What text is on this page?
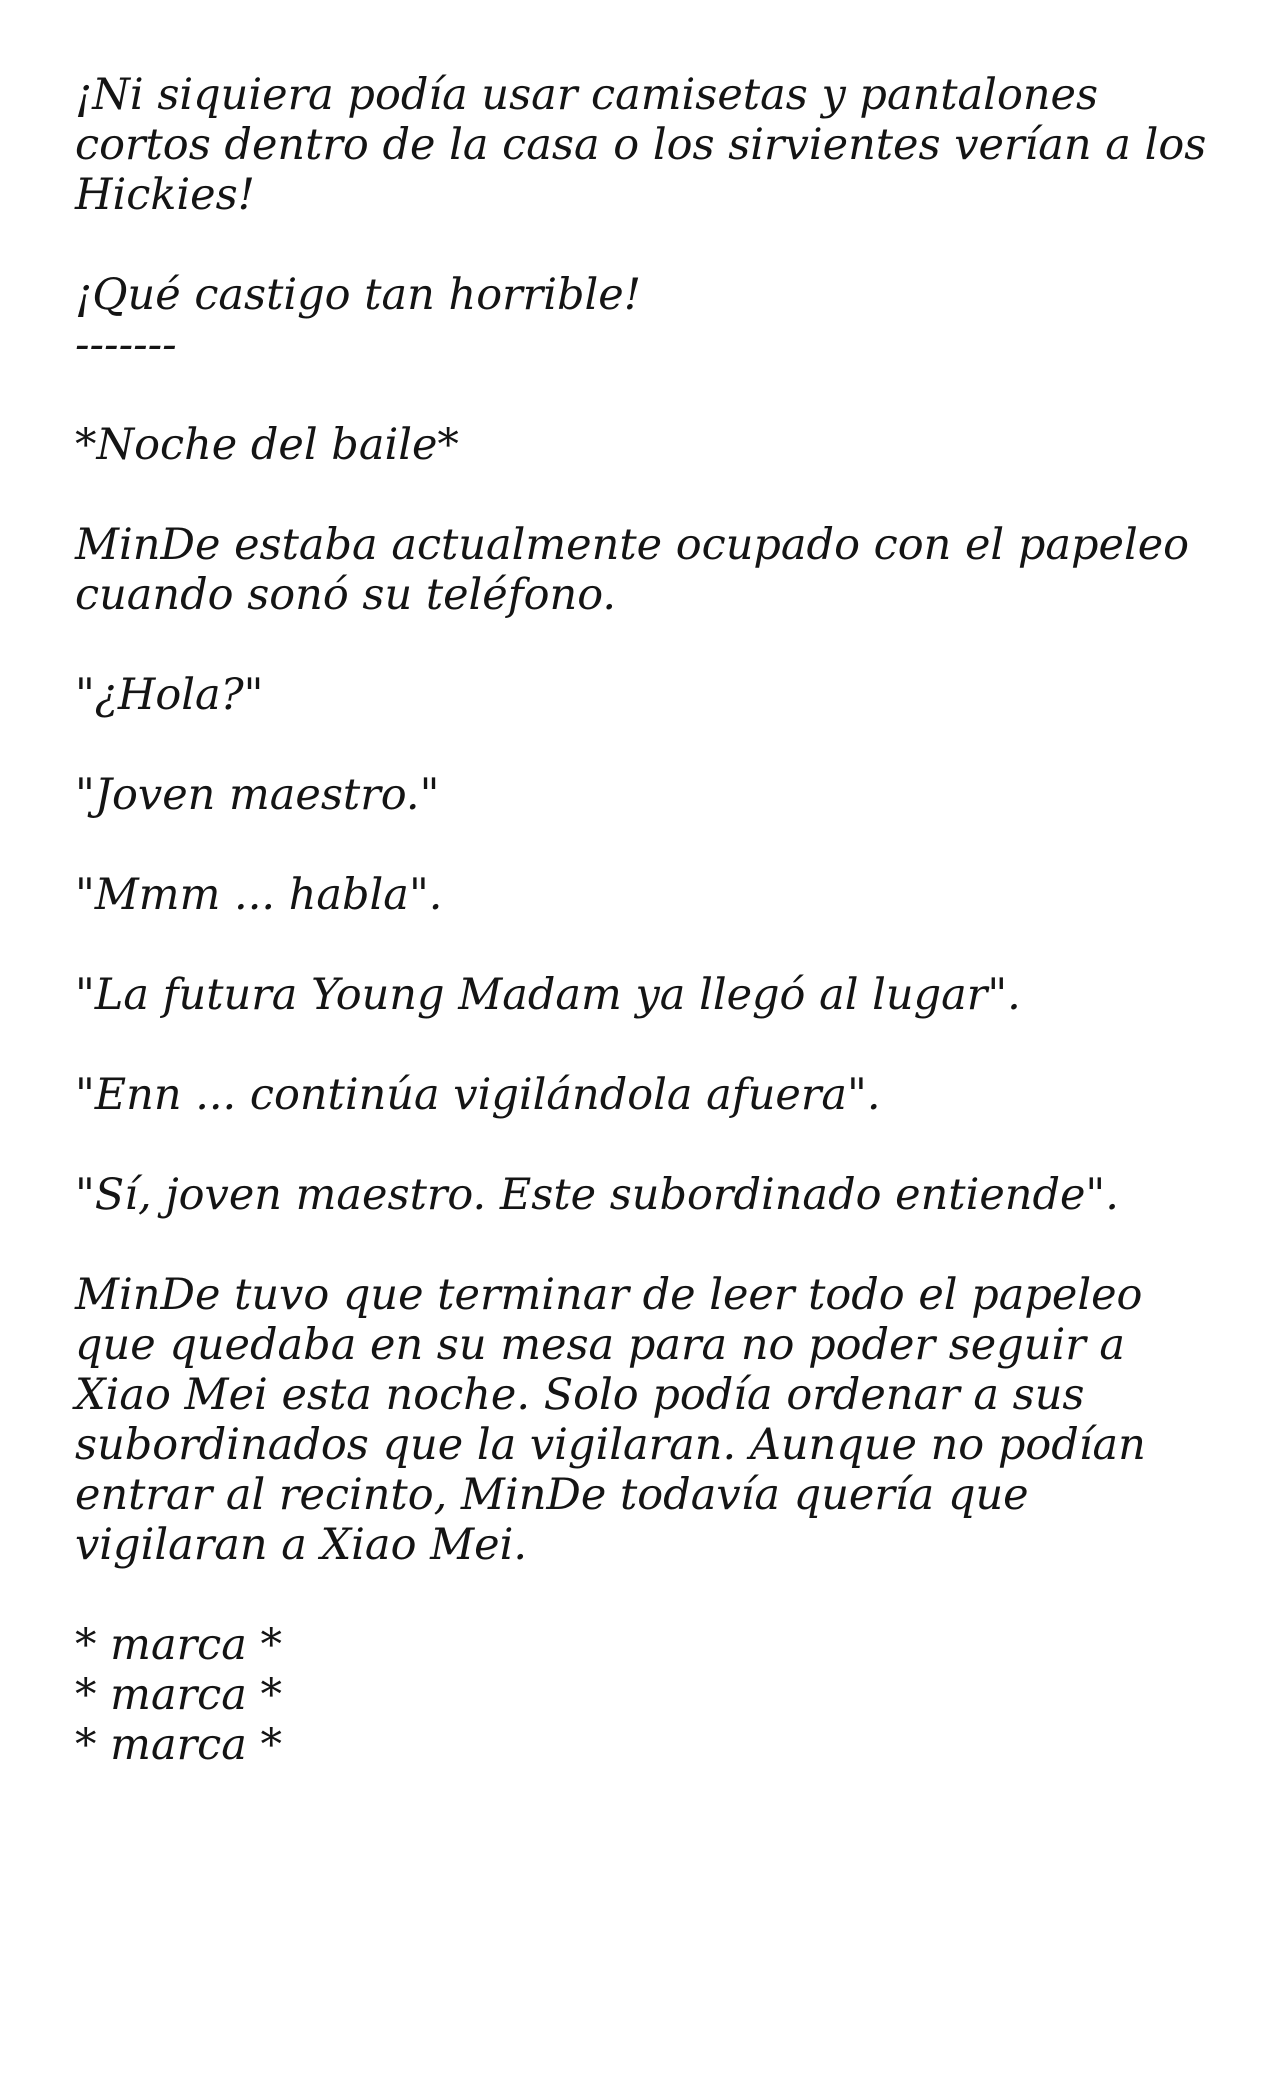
¡Ni siquiera podía usar camisetas y pantalones cortos dentro de la casa o los sirvientes verían a los Hickies!

¡Qué castigo tan horrible!

-------

*Noche del baile*

MinDe estaba actualmente ocupado con el papeleo cuando sonó su teléfono.

"¿Hola?"

"Joven maestro."

"Mmm ... habla".

"La futura Young Madam ya llegó al lugar".

"Enn ... continúa vigilándola afuera".

"Sí, joven maestro. Este subordinado entiende".

MinDe tuvo que terminar de leer todo el papeleo que quedaba en su mesa para no poder seguir a Xiao Mei esta noche. Solo podía ordenar a sus subordinados que la vigilaran. Aunque no podían entrar al recinto, MinDe todavía quería que vigilaran a Xiao Mei.

* marca *

* marca *

* marca *
